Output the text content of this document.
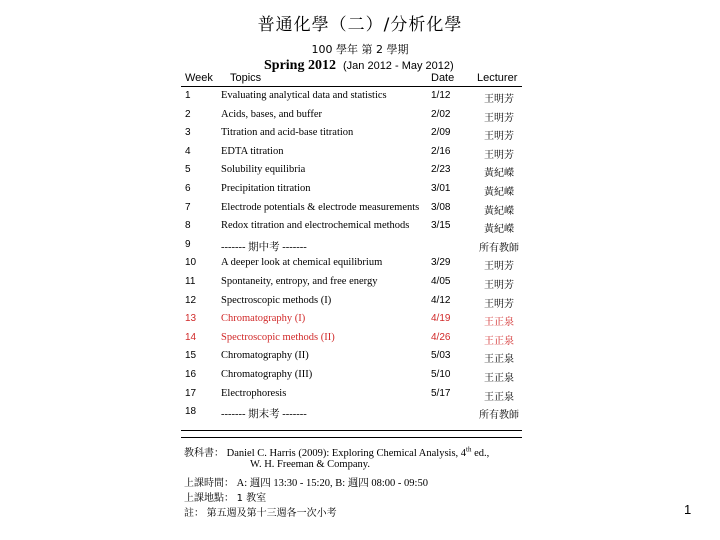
普通化學（二）/分析化學
100 學年 第 2 學期
Spring 2012 (Jan 2012 - May 2012)
Week Topics	Date Lecturer
1	Evaluating analytical data and statistics	1/12	王明芳
2	Acids, bases, and buffer	2/02	王明芳
3	Titration and acid-base titration	2/09	王明芳
4	EDTA titration	2/16	王明芳
5	Solubility equilibria	2/23	黃紀嶸
6	Precipitation titration	3/01	黃紀嶸
7	Electrode potentials & electrode measurements 3/08	黃紀嶸
8	Redox titration and electrochemical methods 3/15	黃紀嶸
9	------- 期中考 -------	所有教師
10 A deeper look at chemical equilibrium	3/29	王明芳
11 Spontaneity, entropy, and free energy	4/05	王明芳
12 Spectroscopic methods (I)	4/12	王明芳
13 Chromatography (I)	4/19	王正泉
14 Spectroscopic methods (II)	4/26	王正泉
15 Chromatography (II)	5/03	王正泉
16 Chromatography (III)	5/10	王正泉
17 Electrophoresis	5/17	王正泉
18 ------- 期末考 -------	所有教師
教科書： Daniel C. Harris (2009): Exploring Chemical Analysis, 4th ed.,
W. H. Freeman & Company.
上課時間： A: 週四 13:30 - 15:20, B: 週四 08:00 - 09:50
上課地點： 1 教室
註： 第五週及第十三週各一次小考	1
